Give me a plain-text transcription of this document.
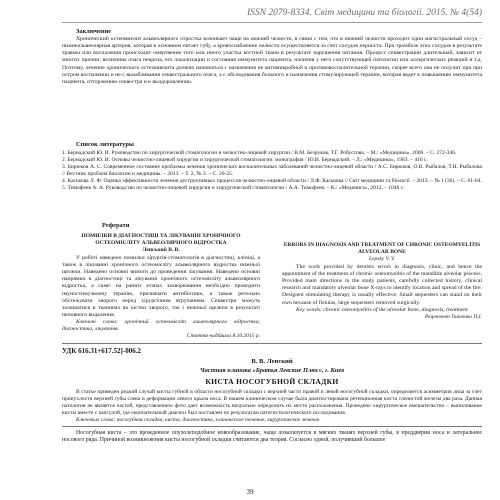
ISSN 2079-8334. Світ медицини та біології. 2015. № 4(54)
Заключение

Хронический остеомиелит альвеолярного отростка возникает чаще на нижней челюсти, в связи с тем, что в нижней челюсти проходит один магистральный сосуд – нижнеальвеолярная артерия, которая в основном питает губу, а кровоснабжение челюсти осуществляется за счет сосудов периоста. При тромбозе этих сосудов в результате травмы или воспаления происходит омертвение того или иного участка костной ткани в результате нарушения питания. Процесс секвестрации длительный, зависит от многих причин: величины очага некроза, его локализации и состояния иммунитета пациента, наличия у него сопутствующей патологии или аллергических реакций и т.д. Поэтому, лечение хронического остеомиелита должно начинаться с назначения не антимикробной и противовоспалительной терапии, скорее всего она не получит при при остром воспалении и не с вызабливания секвестрального очага, а с обследования больного и назначения стимулирующей терапии, которая ведет к повышению иммунитета пациента, отторжению секвестра и к выздоровлению.

Список литературы
1. Бернадский Ю. И. Руководство по хирургической стоматологии и челюстно-лицевой хирургии / В.М. Безруков, Т.Г. Робустова. – М.: «Медицина», 2000. – С. 272-346.
2. Бернадский Ю. И. Основы челюстно-лицевой хирургии и хирургической стоматологии: монография / Ю.И. Бернадский. – Л.: «Медицина», 1983. – 416 с.
3. Бирюков А. С. Современное состояние проблемы лечения хронических воспалительных заболеваний челюстно-лицевой области / А.С. Бирюков, О.В. Рыбалов, Т.Н. Рыбалова // Вестник проблем биологии и медицины. – 2013. – Т. 2, № 3. – С. 20-25.
4. Каськова Л. Ф. Оценка эффективности лечения деструктивных процессов челюстно-лицевой области / Л.Ф. Каськова // Світ медицини та біології. – 2013. – № 1 (36). – С. 61-64.
5. Тимофеев А. А. Руководство по челюстно-лицевой хирургии и хирургической стоматологии / А.А. Тимофеев. – К.: «Медкнига», 2012. – 1048 с.
Реферати
ПОМИЛКИ В ДІАГНОСТИЦІ ТА ЛІКУВАННІ ХРОНІЧНОГО ОСТЕОМІЄЛІТУ АЛЬВЕОЛЯРНОГО ВІДРОСТКА
Лепський В. В.

У роботі наведено помилки хірургів-стоматологів в діагностиці, клініці, а також в лікуванні хронічного остеомієліту альвеолярного відростка нижньої щелепи. Наведено основні вимоги до проведення лікування. Наведено основні напрямки в діагностиці та лікуванні хронічного остеомієліту альвеолярного відростка, а саме: на ранніх етапах захворювання необхідно проводити імуностимулюючу терапію, призначати антибіотики, а також ретельно обстежувати хворого перед хірургічним втручанням. Секвестри можуть залишатися в тканинах як кістки хворого, так і нижньої щелепи в результаті неповного видалення.

Ключові слова: хронічний остеомієліт альвеолярного відростка, діагностика, лікування.

Стаття надійшла 8.10.2015 р.
ERRORS IN DIAGNOSIS AND TREATMENT OF CHRONIC OSTEOMYELITIS ALVEOLAR BONE
Lepsky V. V.

The work provided by dentists errors in diagnosis, clinic, and hence the appointment of the treatment of chronic osteomyelitis of the mandible alveolar process. Provided main directions in the study patients, carefully collected history, clinical research and mandatory alveolar bone X-rays to identify location and spread of the fire. Designed stimulating therapy is usually effective. Small sequesters can stand on their own because of fistulas, large sequesters removed surgically.

Key words: chronic osteomyelitis of the alveolar bone, diagnosis, treatment.

Рецензент Ткаченко П.І.
УДК 616.31+617.52]-006.2
В. В. Лепский
Частная клиника «Братья Левские Плюс», г. Киев
КИСТА НОСОГУБНОЙ СКЛАДКИ

В статье приведен редкий случай кисты губной в области носогубной складки с верхней части правой и левой носогубной складки, определяется асимметрия лица за счет припухлости верхней губы слева и деформации левого крыла носа. В нашем клиническом случае была диагностирована ретенционная киста слизистой железы два раза. Данная патология не является частой, представленное фото дает возможность визуально определить их место расположения. Проведено хирургическое вмешательство – выпиливание кисты вместе с капсулой, где окончательный диагноз был поставлен по результатам патогистологического исследования.

Ключевые слова: носогубная складка, киста, диагностика, клиническое течение, хирургическое лечение.

Носогубная киста – это врожденное опухолеподобное новообразование, чаще локализуется в мягких тканях верхней губы, в преддверии носа и латеральнее носового ряда. Причиной возникновения кисты носогубной складки считаются два теория. Согласно одной, получивший большое

39
